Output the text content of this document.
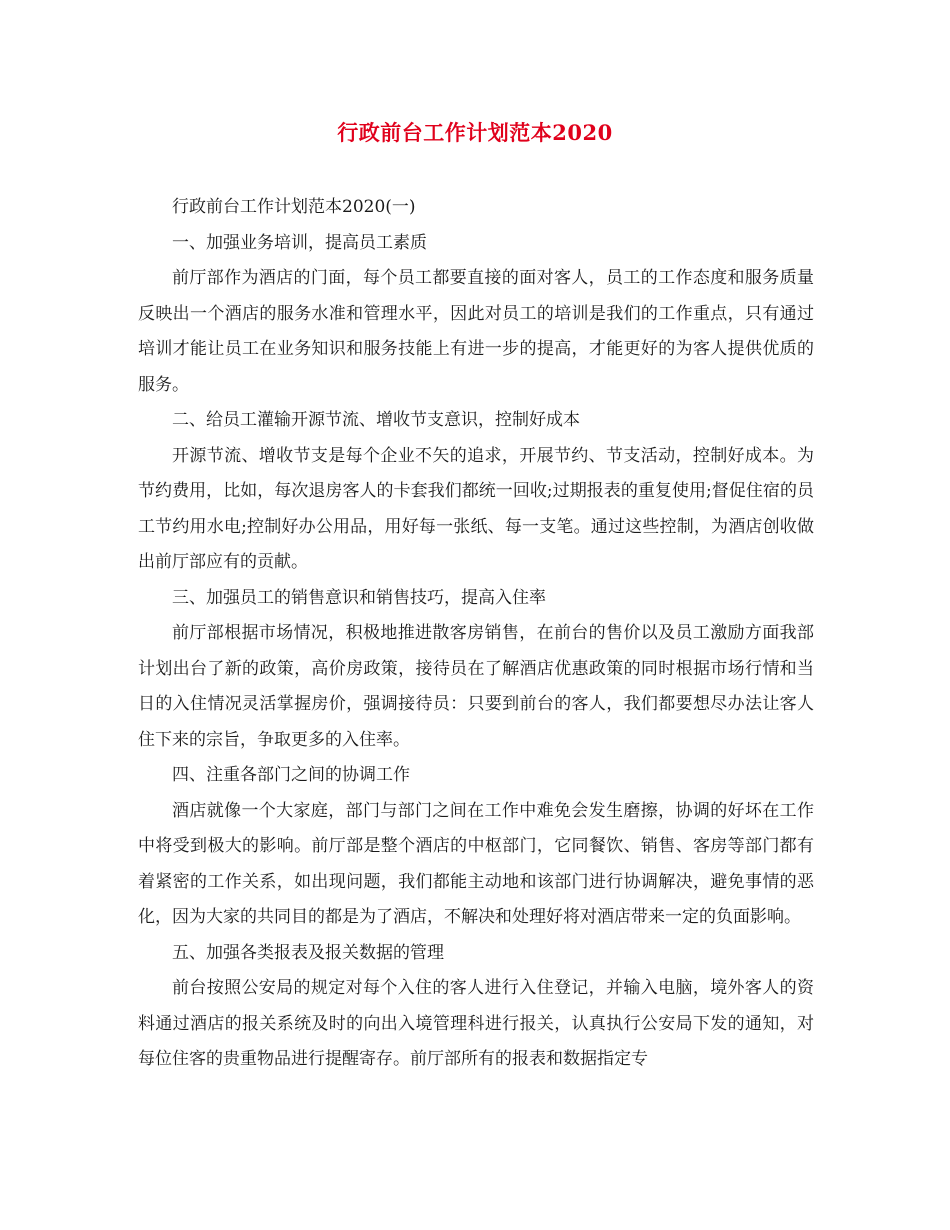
行政前台工作计划范本2020

行政前台工作计划范本2020(一)

一、加强业务培训，提高员工素质

前厅部作为酒店的门面，每个员工都要直接的面对客人，员工的工作态度和服务质量反映出一个酒店的服务水准和管理水平，因此对员工的培训是我们的工作重点，只有通过培训才能让员工在业务知识和服务技能上有进一步的提高，才能更好的为客人提供优质的服务。

二、给员工灌输开源节流、增收节支意识，控制好成本

开源节流、增收节支是每个企业不矢的追求，开展节约、节支活动，控制好成本。为节约费用，比如，每次退房客人的卡套我们都统一回收;过期报表的重复使用;督促住宿的员工节约用水电;控制好办公用品，用好每一张纸、每一支笔。通过这些控制，为酒店创收做出前厅部应有的贡献。

三、加强员工的销售意识和销售技巧，提高入住率

前厅部根据市场情况，积极地推进散客房销售，在前台的售价以及员工激励方面我部计划出台了新的政策，高价房政策，接待员在了解酒店优惠政策的同时根据市场行情和当日的入住情况灵活掌握房价，强调接待员：只要到前台的客人，我们都要想尽办法让客人住下来的宗旨，争取更多的入住率。

四、注重各部门之间的协调工作

酒店就像一个大家庭，部门与部门之间在工作中难免会发生磨擦，协调的好坏在工作中将受到极大的影响。前厅部是整个酒店的中枢部门，它同餐饮、销售、客房等部门都有着紧密的工作关系，如出现问题，我们都能主动地和该部门进行协调解决，避免事情的恶化，因为大家的共同目的都是为了酒店，不解决和处理好将对酒店带来一定的负面影响。

五、加强各类报表及报关数据的管理

前台按照公安局的规定对每个入住的客人进行入住登记，并输入电脑，境外客人的资料通过酒店的报关系统及时的向出入境管理科进行报关，认真执行公安局下发的通知，对每位住客的贵重物品进行提醒寄存。前厅部所有的报表和数据指定专
